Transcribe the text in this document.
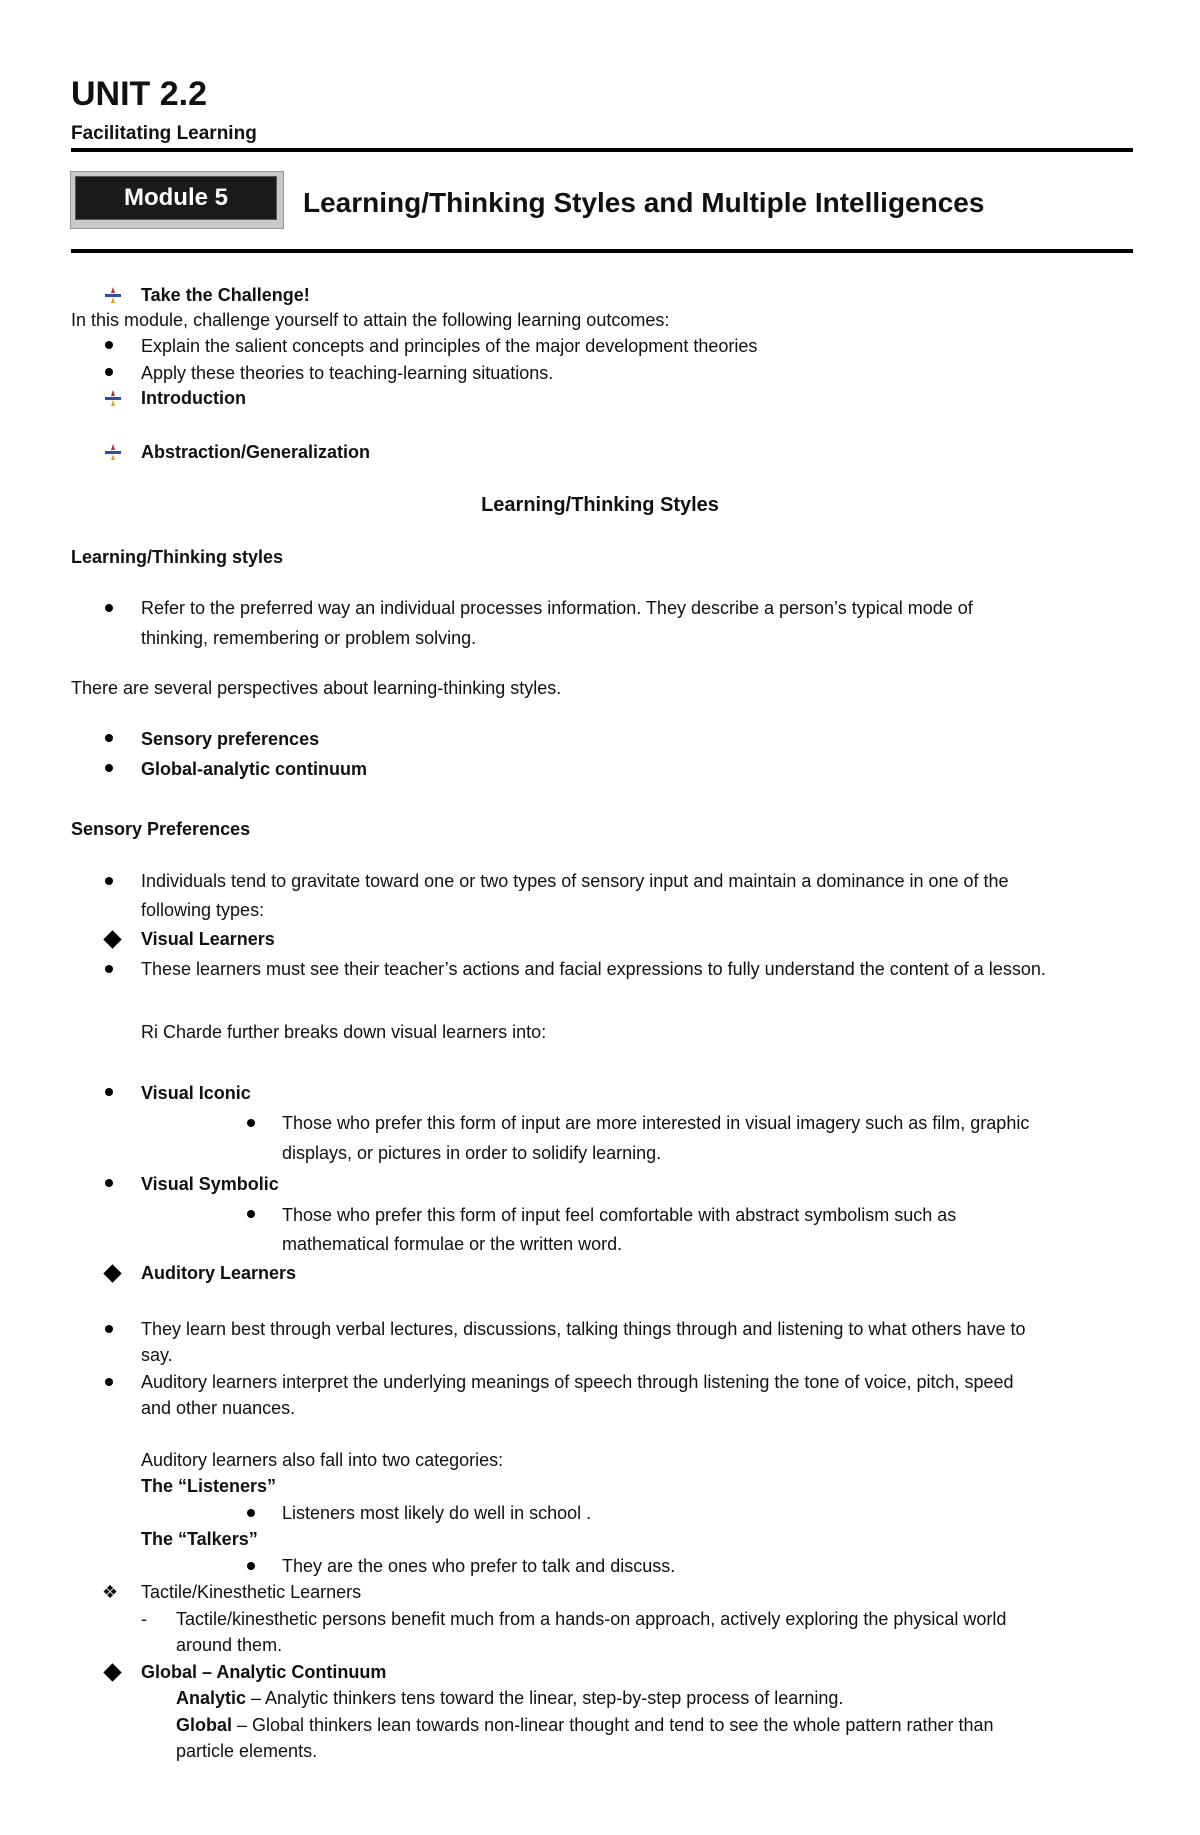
UNIT 2.2
Facilitating Learning
Module 5	Learning/Thinking Styles and Multiple Intelligences
Take the Challenge!
In this module, challenge yourself to attain the following learning outcomes:
Explain the salient concepts and principles of the major development theories
Apply these theories to teaching-learning situations.
Introduction
Abstraction/Generalization
Learning/Thinking Styles
Learning/Thinking styles
Refer to the preferred way an individual processes information. They describe a person’s typical mode of
thinking, remembering or problem solving.
There are several perspectives about learning-thinking styles.
Sensory preferences
Global-analytic continuum
Sensory Preferences
Individuals tend to gravitate toward one or two types of sensory input and maintain a dominance in one of the
following types:
Visual Learners
These learners must see their teacher’s actions and facial expressions to fully understand the content of a lesson.
Ri Charde further breaks down visual learners into:
Visual Iconic
Those who prefer this form of input are more interested in visual imagery such as film, graphic
displays, or pictures in order to solidify learning.
Visual Symbolic
Those who prefer this form of input feel comfortable with abstract symbolism such as
mathematical formulae or the written word.
Auditory Learners
They learn best through verbal lectures, discussions, talking things through and listening to what others have to
say.
Auditory learners interpret the underlying meanings of speech through listening the tone of voice, pitch, speed
and other nuances.
Auditory learners also fall into two categories:
The “Listeners”
Listeners most likely do well in school .
The “Talkers”
They are the ones who prefer to talk and discuss.
❖ Tactile/Kinesthetic Learners
- Tactile/kinesthetic persons benefit much from a hands-on approach, actively exploring the physical world
around them.
Global – Analytic Continuum
Analytic – Analytic thinkers tens toward the linear, step-by-step process of learning.
Global – Global thinkers lean towards non-linear thought and tend to see the whole pattern rather than
particle elements.
